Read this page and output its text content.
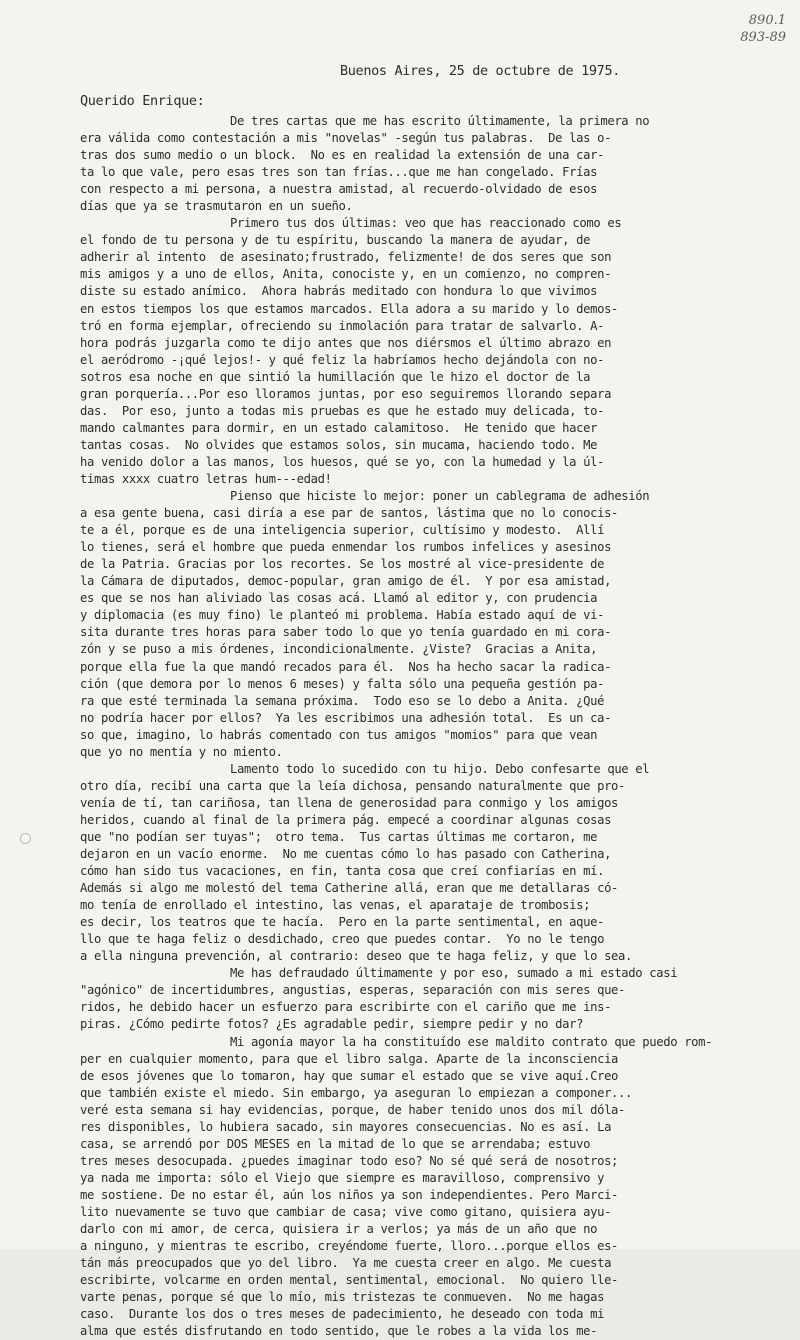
890.1
893-89
Buenos Aires, 25 de octubre de 1975.
Querido Enrique:
De tres cartas que me has escrito últimamente, la primera no
era válida como contestación a mis "novelas" -según tus palabras.  De las o-
tras dos sumo medio o un block.  No es en realidad la extensión de una car-
ta lo que vale, pero esas tres son tan frías...que me han congelado. Frías
con respecto a mi persona, a nuestra amistad, al recuerdo-olvidado de esos
días que ya se trasmutaron en un sueño.
Primero tus dos últimas: veo que has reaccionado como es
el fondo de tu persona y de tu espíritu, buscando la manera de ayudar, de
adherir al intento  de asesinato;frustrado, felizmente! de dos seres que son
mis amigos y a uno de ellos, Anita, conociste y, en un comienzo, no compren-
diste su estado anímico.  Ahora habrás meditado con hondura lo que vivimos
en estos tiempos los que estamos marcados. Ella adora a su marido y lo demos-
tró en forma ejemplar, ofreciendo su inmolación para tratar de salvarlo. A-
hora podrás juzgarla como te dijo antes que nos diérsmos el último abrazo en
el aeródromo -¡qué lejos!- y qué feliz la habríamos hecho dejándola con no-
sotros esa noche en que sintió la humillación que le hizo el doctor de la
gran porquería...Por eso lloramos juntas, por eso seguiremos llorando separa
das.  Por eso, junto a todas mis pruebas es que he estado muy delicada, to-
mando calmantes para dormir, en un estado calamitoso.  He tenido que hacer
tantas cosas.  No olvides que estamos solos, sin mucama, haciendo todo. Me
ha venido dolor a las manos, los huesos, qué se yo, con la humedad y la úl-
timas xxxx cuatro letras hum---edad!
Pienso que hiciste lo mejor: poner un cablegrama de adhesión
a esa gente buena, casi diría a ese par de santos, lástima que no lo conocis-
te a él, porque es de una inteligencia superior, cultísimo y modesto.  Allí
lo tienes, será el hombre que pueda enmendar los rumbos infelices y asesinos
de la Patria. Gracias por los recortes. Se los mostré al vice-presidente de
la Cámara de diputados, democ-popular, gran amigo de él.  Y por esa amistad,
es que se nos han aliviado las cosas acá. Llamó al editor y, con prudencia
y diplomacia (es muy fino) le planteó mi problema. Había estado aquí de vi-
sita durante tres horas para saber todo lo que yo tenía guardado en mi cora-
zón y se puso a mis órdenes, incondicionalmente. ¿Viste?  Gracias a Anita,
porque ella fue la que mandó recados para él.  Nos ha hecho sacar la radica-
ción (que demora por lo menos 6 meses) y falta sólo una pequeña gestión pa-
ra que esté terminada la semana próxima.  Todo eso se lo debo a Anita. ¿Qué
no podría hacer por ellos?  Ya les escribimos una adhesión total.  Es un ca-
so que, imagino, lo habrás comentado con tus amigos "momios" para que vean
que yo no mentía y no miento.
Lamento todo lo sucedido con tu hijo. Debo confesarte que el
otro día, recibí una carta que la leía dichosa, pensando naturalmente que pro-
venía de tí, tan cariñosa, tan llena de generosidad para conmigo y los amigos
heridos, cuando al final de la primera pág. empecé a coordinar algunas cosas
que "no podían ser tuyas";  otro tema.  Tus cartas últimas me cortaron, me
dejaron en un vacío enorme.  No me cuentas cómo lo has pasado con Catherina,
cómo han sido tus vacaciones, en fin, tanta cosa que creí confiarías en mí.
Además si algo me molestó del tema Catherine allá, eran que me detallaras có-
mo tenía de enrollado el intestino, las venas, el aparataje de trombosis;
es decir, los teatros que te hacía.  Pero en la parte sentimental, en aque-
llo que te haga feliz o desdichado, creo que puedes contar.  Yo no le tengo
a ella ninguna prevención, al contrario: deseo que te haga feliz, y que lo sea.
Me has defraudado últimamente y por eso, sumado a mi estado casi
"agónico" de incertidumbres, angustias, esperas, separación con mis seres que-
ridos, he debido hacer un esfuerzo para escribirte con el cariño que me ins-
piras. ¿Cómo pedirte fotos? ¿Es agradable pedir, siempre pedir y no dar?
Mi agonía mayor la ha constituído ese maldito contrato que puedo rom-
per en cualquier momento, para que el libro salga. Aparte de la inconsciencia
de esos jóvenes que lo tomaron, hay que sumar el estado que se vive aquí.Creo
que también existe el miedo. Sin embargo, ya aseguran lo empiezan a componer...
veré esta semana si hay evidencias, porque, de haber tenido unos dos mil dóla-
res disponibles, lo hubiera sacado, sin mayores consecuencias. No es así. La
casa, se arrendó por DOS MESES en la mitad de lo que se arrendaba; estuvo
tres meses desocupada. ¿puedes imaginar todo eso? No sé qué será de nosotros;
ya nada me importa: sólo el Viejo que siempre es maravilloso, comprensivo y
me sostiene. De no estar él, aún los niños ya son independientes. Pero Marci-
lito nuevamente se tuvo que cambiar de casa; vive como gitano, quisiera ayu-
darlo con mi amor, de cerca, quisiera ir a verlos; ya más de un año que no
a ninguno, y mientras te escribo, creyéndome fuerte, lloro...porque ellos es-
tán más preocupados que yo del libro.  Ya me cuesta creer en algo. Me cuesta
escribirte, volcarme en orden mental, sentimental, emocional.  No quiero lle-
varte penas, porque sé que lo mío, mis tristezas te conmueven.  No me hagas
caso.  Durante los dos o tres meses de padecimiento, he deseado con toda mi
alma que estés disfrutando en todo sentido, que le robes a la vida los me-
